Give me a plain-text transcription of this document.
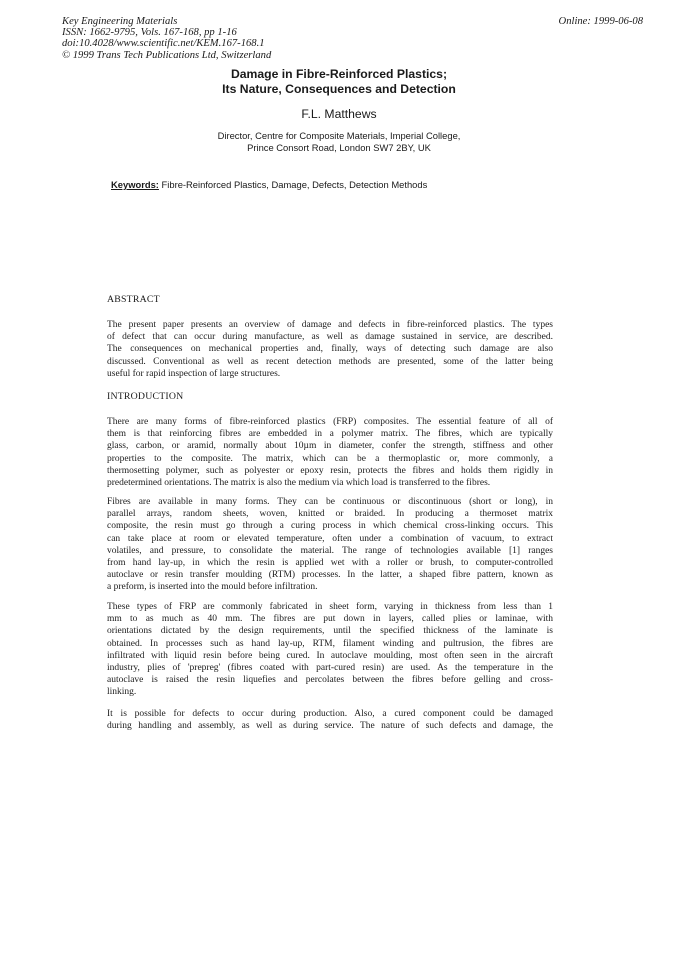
Key Engineering Materials
ISSN: 1662-9795, Vols. 167-168, pp 1-16
doi:10.4028/www.scientific.net/KEM.167-168.1
© 1999 Trans Tech Publications Ltd, Switzerland
Online: 1999-06-08
Damage in Fibre-Reinforced Plastics;
Its Nature, Consequences and Detection
F.L. Matthews
Director, Centre for Composite Materials, Imperial College,
Prince Consort Road, London SW7 2BY, UK
Keywords: Fibre-Reinforced Plastics, Damage, Defects, Detection Methods
ABSTRACT
The present paper presents an overview of damage and defects in fibre-reinforced plastics. The types
of defect that can occur during manufacture, as well as damage sustained in service, are described.
The consequences on mechanical properties and, finally, ways of detecting such damage are also
discussed. Conventional as well as recent detection methods are presented, some of the latter being
useful for rapid inspection of large structures.
INTRODUCTION
There are many forms of fibre-reinforced plastics (FRP) composites. The essential feature of all of
them is that reinforcing fibres are embedded in a polymer matrix. The fibres, which are typically
glass, carbon, or aramid, normally about 10µm in diameter, confer the strength, stiffness and other
properties to the composite. The matrix, which can be a thermoplastic or, more commonly, a
thermosetting polymer, such as polyester or epoxy resin, protects the fibres and holds them rigidly in
predetermined orientations. The matrix is also the medium via which load is transferred to the fibres.
Fibres are available in many forms. They can be continuous or discontinuous (short or long), in
parallel arrays, random sheets, woven, knitted or braided. In producing a thermoset matrix
composite, the resin must go through a curing process in which chemical cross-linking occurs. This
can take place at room or elevated temperature, often under a combination of vacuum, to extract
volatiles, and pressure, to consolidate the material. The range of technologies available [1] ranges
from hand lay-up, in which the resin is applied wet with a roller or brush, to computer-controlled
autoclave or resin transfer moulding (RTM) processes. In the latter, a shaped fibre pattern, known as
a preform, is inserted into the mould before infiltration.
These types of FRP are commonly fabricated in sheet form, varying in thickness from less than 1
mm to as much as 40 mm. The fibres are put down in layers, called plies or laminae, with
orientations dictated by the design requirements, until the specified thickness of the laminate is
obtained. In processes such as hand lay-up, RTM, filament winding and pultrusion, the fibres are
infiltrated with liquid resin before being cured. In autoclave moulding, most often seen in the aircraft
industry, plies of 'prepreg' (fibres coated with part-cured resin) are used. As the temperature in the
autoclave is raised the resin liquefies and percolates between the fibres before gelling and cross-
linking.
It is possible for defects to occur during production. Also, a cured component could be damaged
during handling and assembly, as well as during service. The nature of such defects and damage, the
